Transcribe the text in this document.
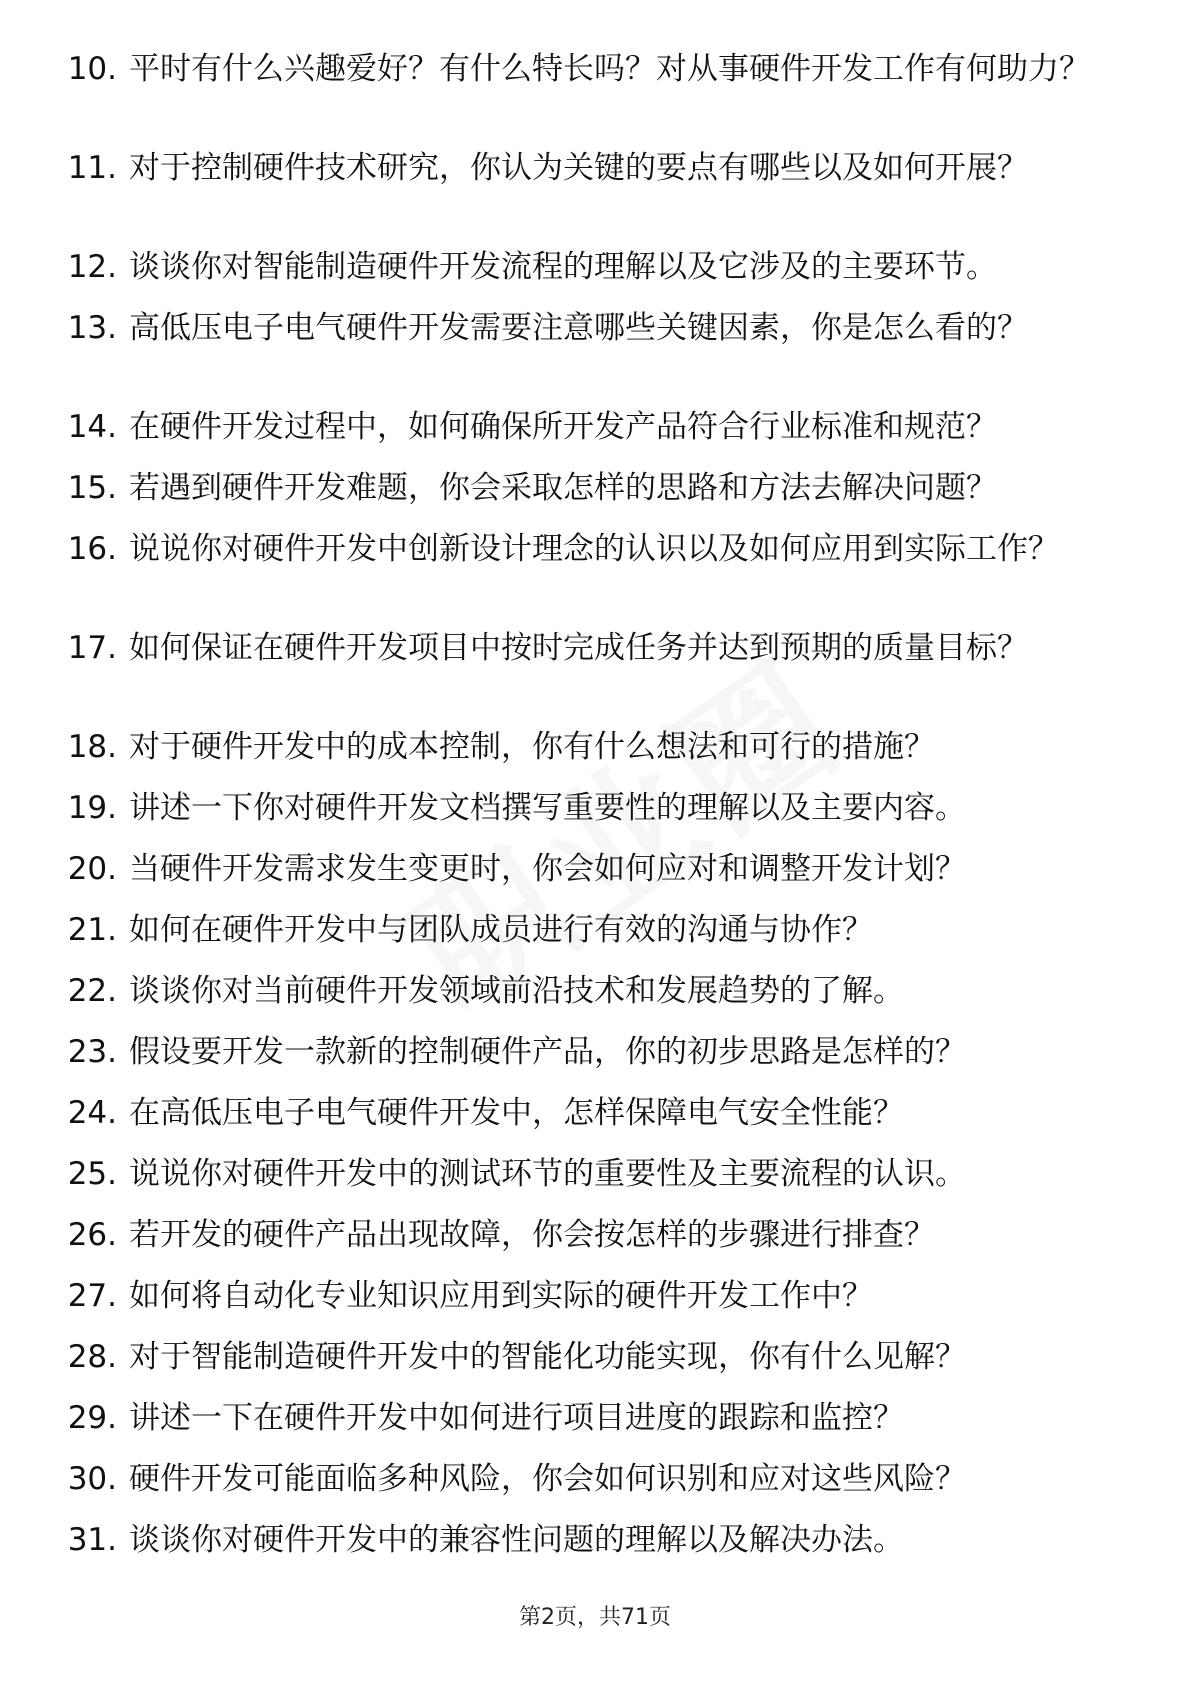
10. 平时有什么兴趣爱好？有什么特长吗？对从事硬件开发工作有何助力？
11. 对于控制硬件技术研究，你认为关键的要点有哪些以及如何开展？
12. 谈谈你对智能制造硬件开发流程的理解以及它涉及的主要环节。
13. 高低压电子电气硬件开发需要注意哪些关键因素，你是怎么看的？
14. 在硬件开发过程中，如何确保所开发产品符合行业标准和规范？
15. 若遇到硬件开发难题，你会采取怎样的思路和方法去解决问题？
16. 说说你对硬件开发中创新设计理念的认识以及如何应用到实际工作？
17. 如何保证在硬件开发项目中按时完成任务并达到预期的质量目标？
18. 对于硬件开发中的成本控制，你有什么想法和可行的措施？
19. 讲述一下你对硬件开发文档撰写重要性的理解以及主要内容。
20. 当硬件开发需求发生变更时，你会如何应对和调整开发计划？
21. 如何在硬件开发中与团队成员进行有效的沟通与协作？
22. 谈谈你对当前硬件开发领域前沿技术和发展趋势的了解。
23. 假设要开发一款新的控制硬件产品，你的初步思路是怎样的？
24. 在高低压电子电气硬件开发中，怎样保障电气安全性能？
25. 说说你对硬件开发中的测试环节的重要性及主要流程的认识。
26. 若开发的硬件产品出现故障，你会按怎样的步骤进行排查？
27. 如何将自动化专业知识应用到实际的硬件开发工作中？
28. 对于智能制造硬件开发中的智能化功能实现，你有什么见解？
29. 讲述一下在硬件开发中如何进行项目进度的跟踪和监控？
30. 硬件开发可能面临多种风险，你会如何识别和应对这些风险？
31. 谈谈你对硬件开发中的兼容性问题的理解以及解决办法。
第2页，共71页
